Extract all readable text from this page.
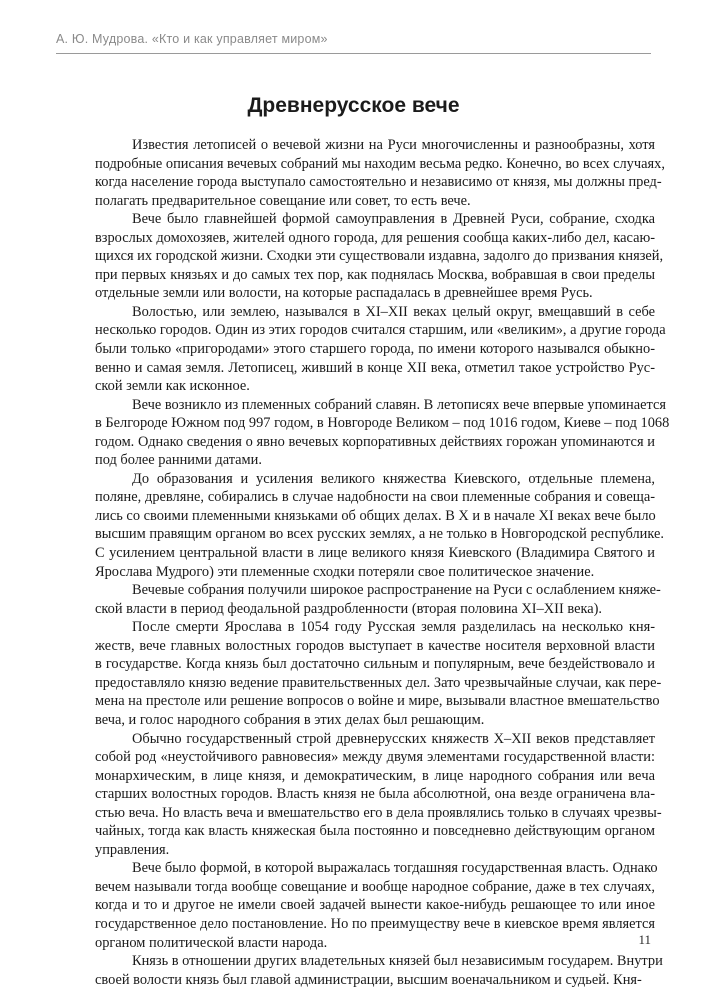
А. Ю. Мудрова. «Кто и как управляет миром»
Древнерусское вече
Известия летописей о вечевой жизни на Руси многочисленны и разнообразны, хотя
подробные описания вечевых собраний мы находим весьма редко. Конечно, во всех случаях,
когда население города выступало самостоятельно и независимо от князя, мы должны пред-
полагать предварительное совещание или совет, то есть вече.
Вече было главнейшей формой самоуправления в Древней Руси, собрание, сходка
взрослых домохозяев, жителей одного города, для решения сообща каких-либо дел, касаю-
щихся их городской жизни. Сходки эти существовали издавна, задолго до призвания князей,
при первых князьях и до самых тех пор, как поднялась Москва, вобравшая в свои пределы
отдельные земли или волости, на которые распадалась в древнейшее время Русь.
Волостью, или землею, назывался в XI–XII веках целый округ, вмещавший в себе
несколько городов. Один из этих городов считался старшим, или «великим», а другие города
были только «пригородами» этого старшего города, по имени которого назывался обыкно-
венно и самая земля. Летописец, живший в конце XII века, отметил такое устройство Рус-
ской земли как исконное.
Вече возникло из племенных собраний славян. В летописях вече впервые упоминается
в Белгороде Южном под 997 годом, в Новгороде Великом – под 1016 годом, Киеве – под 1068
годом. Однако сведения о явно вечевых корпоративных действиях горожан упоминаются и
под более ранними датами.
До образования и усиления великого княжества Киевского, отдельные племена,
поляне, древляне, собирались в случае надобности на свои племенные собрания и совеща-
лись со своими племенными князьками об общих делах. В X и в начале XI веках вече было
высшим правящим органом во всех русских землях, а не только в Новгородской республике.
С усилением центральной власти в лице великого князя Киевского (Владимира Святого и
Ярослава Мудрого) эти племенные сходки потеряли свое политическое значение.
Вечевые собрания получили широкое распространение на Руси с ослаблением княже-
ской власти в период феодальной раздробленности (вторая половина XI–XII века).
После смерти Ярослава в 1054 году Русская земля разделилась на несколько кня-
жеств, вече главных волостных городов выступает в качестве носителя верховной власти
в государстве. Когда князь был достаточно сильным и популярным, вече бездействовало и
предоставляло князю ведение правительственных дел. Зато чрезвычайные случаи, как пере-
мена на престоле или решение вопросов о войне и мире, вызывали властное вмешательство
веча, и голос народного собрания в этих делах был решающим.
Обычно государственный строй древнерусских княжеств X–XII веков представляет
собой род «неустойчивого равновесия» между двумя элементами государственной власти:
монархическим, в лице князя, и демократическим, в лице народного собрания или вeча
старших волостных городов. Власть князя не была абсолютной, она везде ограничена вла-
стью веча. Но власть веча и вмешательство его в дела проявлялись только в случаях чрезвы-
чайных, тогда как власть княжеская была постоянно и повседневно действующим органом
управления.
Вече было формой, в которой выражалась тогдашняя государственная власть. Однако
вечем называли тогда вообще совещание и вообще народное собрание, даже в тех случаях,
когда и то и другое не имели своей задачей вынести какое-нибудь решающее то или иное
государственное дело постановление. Но по преимуществу вече в киевское время является
органом политической власти народа.
Князь в отношении других владетельных князей был независимым государем. Внутри
своей волости князь был главой администрации, высшим военачальником и судьей. Кня-
11
